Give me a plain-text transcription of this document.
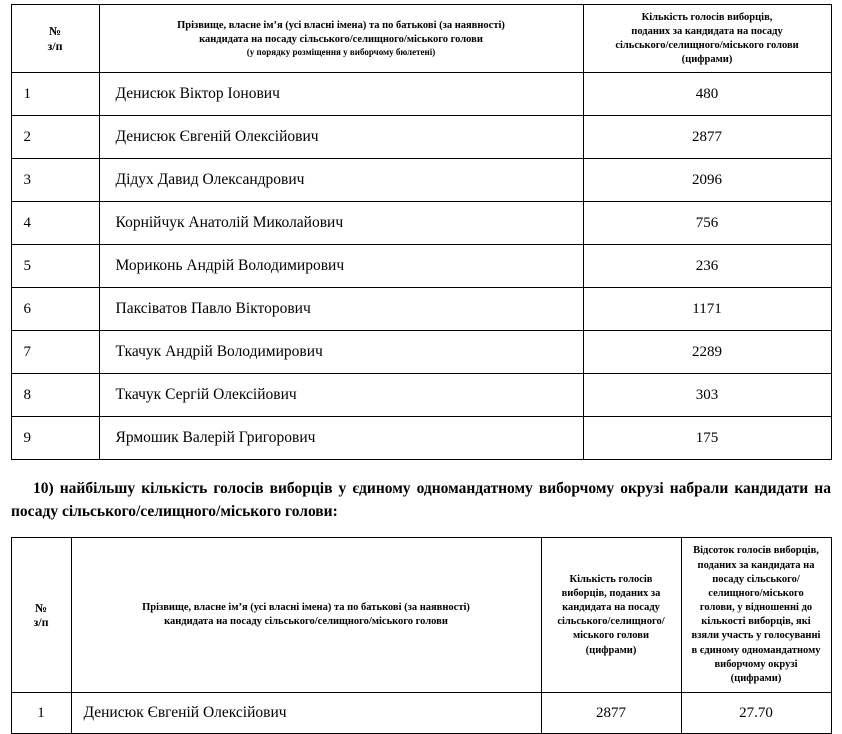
№
з/п

Прізвище, власне ім’я (усі власні імена) та по батькові (за наявності)
кандидата на посаду сільського/селищного/міського голови
(у порядку розміщення у виборчому бюлетені)

Кількість голосів виборців,
поданих за кандидата на посаду
сільського/селищного/міського голови
(цифрами)

1	Денисюк Віктор Іонович	480
2	Денисюк Євгеній Олексійович	2877
3	Дідух Давид Олександрович	2096
4	Корнійчук Анатолій Миколайович	756
5	Мориконь Андрій Володимирович	236
6	Паксіватов Павло Вікторович	1171
7	Ткачук Андрій Володимирович	2289
8	Ткачук Сергій Олексійович	303
9	Ярмошик Валерій Григорович	175
10) найбільшу кількість голосів виборців у єдиному одномандатному виборчому окрузі набрали кандидати на посаду сільського/селищного/міського голови:
№
з/п

Прізвище, власне ім’я (усі власні імена) та по батькові (за наявності)
кандидата на посаду сільського/селищного/міського голови

Кількість голосів
виборців, поданих за
кандидата на посаду
сільського/селищного/
міського голови
(цифрами)

Відсоток голосів виборців,
поданих за кандидата на
посаду сільського/
селищного/міського
голови, у відношенні до
кількості виборців, які
взяли участь у голосуванні
в єдиному одномандатному
виборчому окрузі
(цифрами)

1	Денисюк Євгеній Олексійович	2877	27.70
